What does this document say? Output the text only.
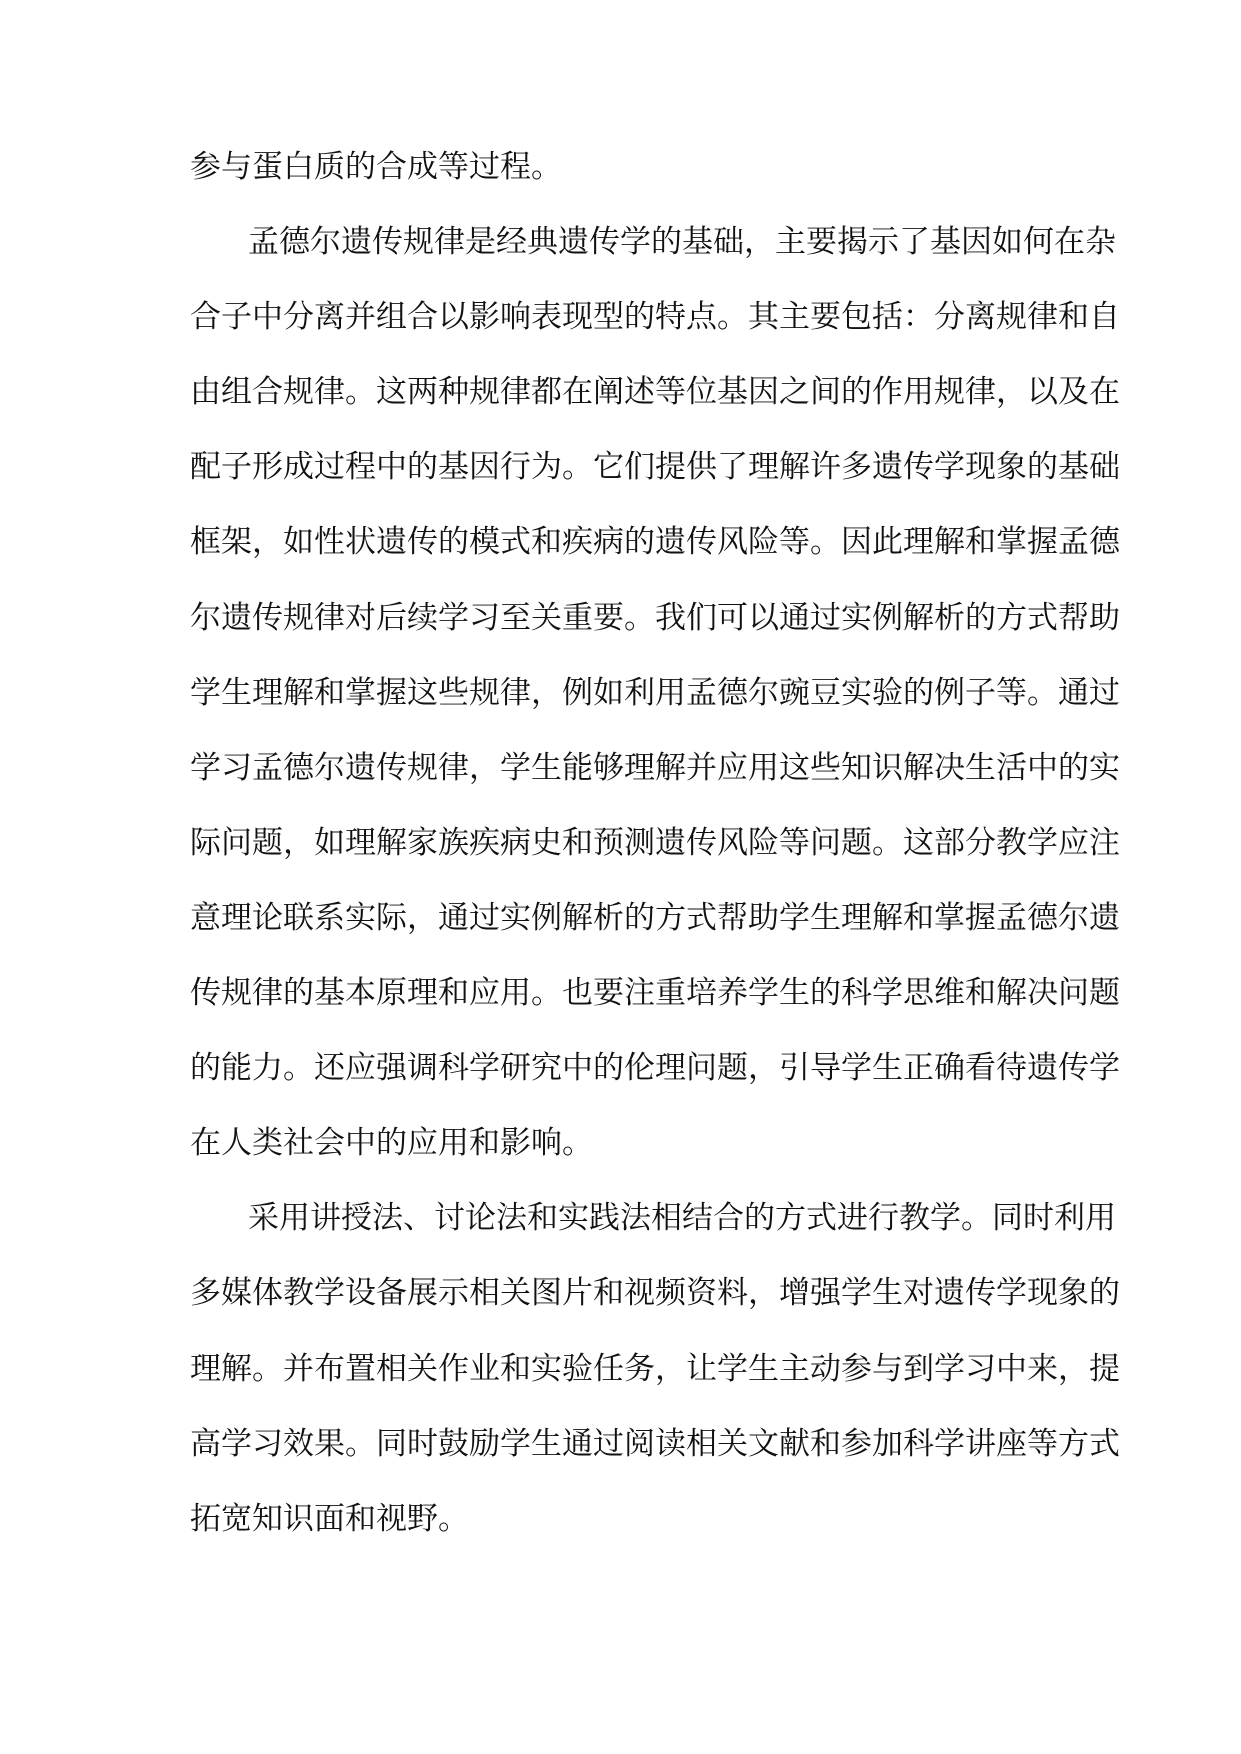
参与蛋白质的合成等过程。
孟德尔遗传规律是经典遗传学的基础，主要揭示了基因如何在杂
合子中分离并组合以影响表现型的特点。其主要包括：分离规律和自
由组合规律。这两种规律都在阐述等位基因之间的作用规律，以及在
配子形成过程中的基因行为。它们提供了理解许多遗传学现象的基础
框架，如性状遗传的模式和疾病的遗传风险等。因此理解和掌握孟德
尔遗传规律对后续学习至关重要。我们可以通过实例解析的方式帮助
学生理解和掌握这些规律，例如利用孟德尔豌豆实验的例子等。通过
学习孟德尔遗传规律，学生能够理解并应用这些知识解决生活中的实
际问题，如理解家族疾病史和预测遗传风险等问题。这部分教学应注
意理论联系实际，通过实例解析的方式帮助学生理解和掌握孟德尔遗
传规律的基本原理和应用。也要注重培养学生的科学思维和解决问题
的能力。还应强调科学研究中的伦理问题，引导学生正确看待遗传学
在人类社会中的应用和影响。
采用讲授法、讨论法和实践法相结合的方式进行教学。同时利用
多媒体教学设备展示相关图片和视频资料，增强学生对遗传学现象的
理解。并布置相关作业和实验任务，让学生主动参与到学习中来，提
高学习效果。同时鼓励学生通过阅读相关文献和参加科学讲座等方式
拓宽知识面和视野。
